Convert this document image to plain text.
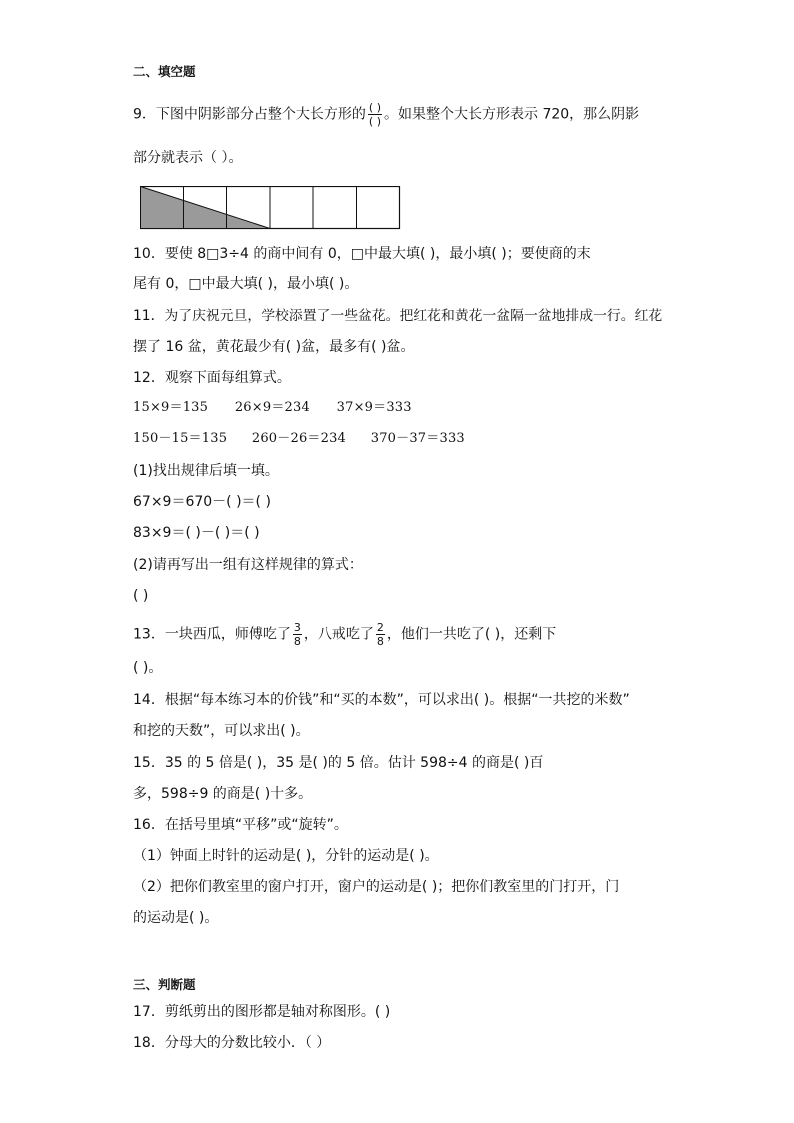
二、填空题
9．下图中阴影部分占整个大长方形的 $\frac{( )}{( )}$ 。如果整个大长方形表示 720，那么阴影
部分就表示（ ）。
10．要使 8□3÷4 的商中间有 0，□中最大填( )，最小填( )；要使商的末
尾有 0，□中最大填( )，最小填( )。
11．为了庆祝元旦，学校添置了一些盆花。把红花和黄花一盆隔一盆地排成一行。红花
摆了 16 盆，黄花最少有( )盆，最多有( )盆。
12．观察下面每组算式。
15×9＝135 26×9＝234 37×9＝333
150－15＝135 260－26＝234 370－37＝333
(1)找出规律后填一填。
67×9＝670－( )＝( )
83×9＝( )－( )＝( )
(2)请再写出一组有这样规律的算式：
( )
13．一块西瓜，师傅吃了 $\frac{3}{8}$ ，八戒吃了 $\frac{2}{8}$ ，他们一共吃了( )，还剩下
( )。
14．根据“每本练习本的价钱”和“买的本数”，可以求出( )。根据“一共挖的米数”
和挖的天数”，可以求出( )。
15．35 的 5 倍是( )，35 是( )的 5 倍。估计 598÷4 的商是( )百
多，598÷9 的商是( )十多。
16．在括号里填“平移”或“旋转”。
（1）钟面上时针的运动是( )，分针的运动是( )。
（2）把你们教室里的窗户打开，窗户的运动是( )；把你们教室里的门打开，门
的运动是( )。
三、判断题
17．剪纸剪出的图形都是轴对称图形。( )
18．分母大的分数比较小．（ ）
